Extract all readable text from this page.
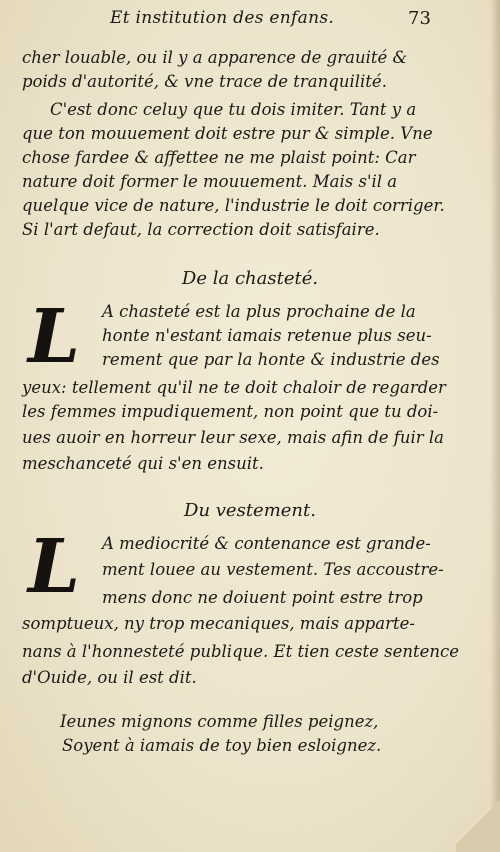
Et institution des enfans.	73
cher louable, ou il y a apparence de grauité &
poids d'autorité, & vne trace de tranquilité.
C'est donc celuy que tu dois imiter. Tant y a
que ton mouuement doit estre pur & simple. Vne
chose fardee & affettee ne me plaist point: Car
nature doit former le mouuement. Mais s'il a
quelque vice de nature, l'industrie le doit corriger.
Si l'art defaut, la correction doit satisfaire.
De la chasteté.
L A chasteté est la plus prochaine de la
honte n'estant iamais retenue plus seu-
rement que par la honte & industrie des
yeux: tellement qu'il ne te doit chaloir de regarder
les femmes impudiquement, non point que tu doi-
ues auoir en horreur leur sexe, mais afin de fuir la
meschanceté qui s'en ensuit.
Du vestement.
L A mediocrité & contenance est grande-
ment louee au vestement. Tes accoustre-
mens donc ne doiuent point estre trop
somptueux, ny trop mecaniques, mais apparte-
nans à l'honnesteté publique. Et tien ceste sentence
d'Ouide, ou il est dit.
Ieunes mignons comme filles peignez,
Soyent à iamais de toy bien esloignez.
